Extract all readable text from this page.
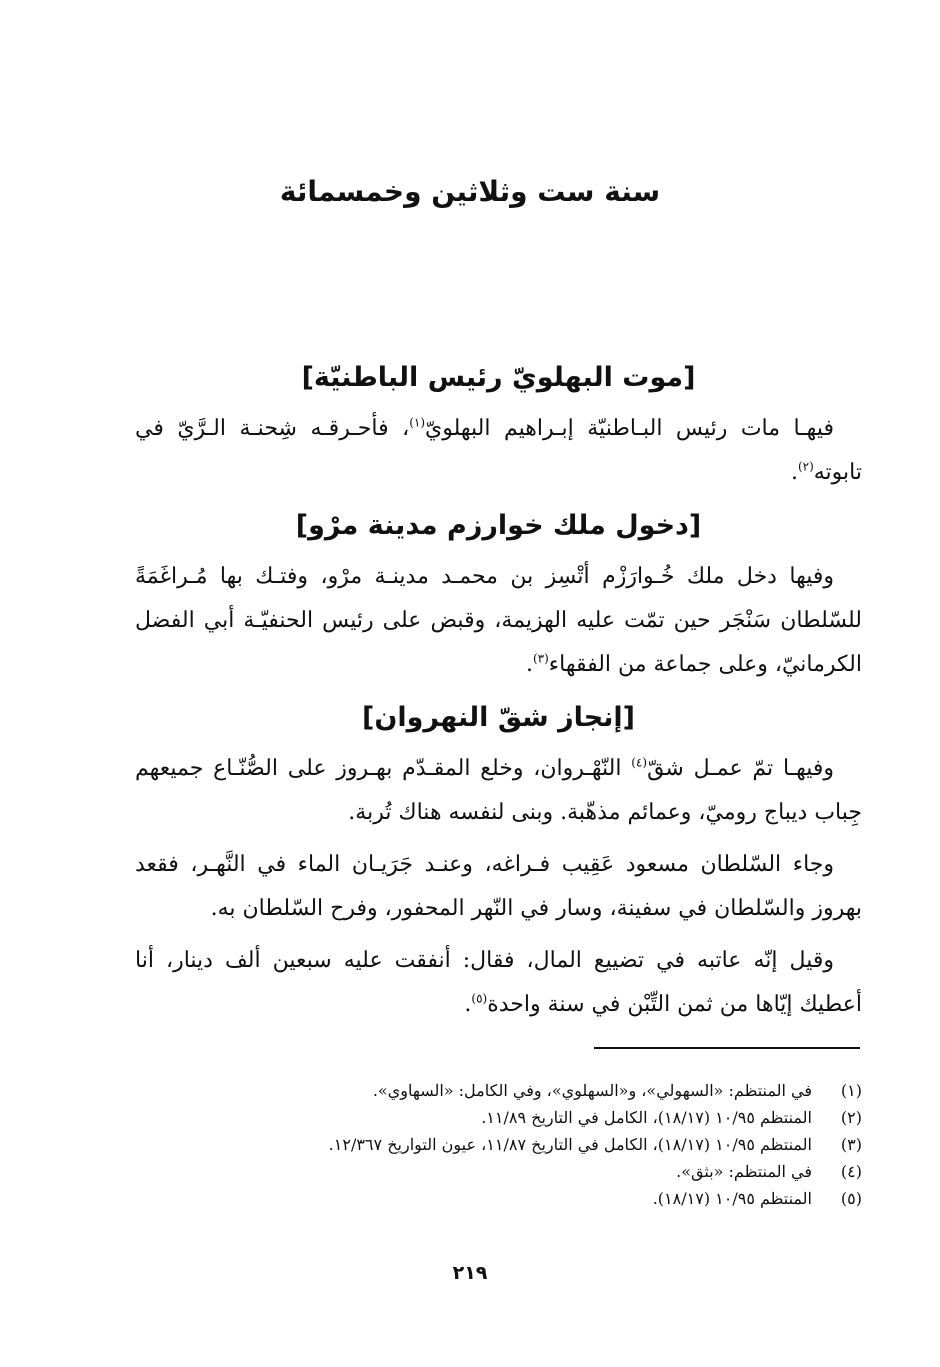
سنة ست وثلاثين وخمسمائة
[موت البهلويّ رئيس الباطنيّة]

فيهـا مات رئيس البـاطنيّة إبـراهيم البهلويّ$^{(١)}$، فأحـرقـه شِحنـة الـرَّيّ في تابوته$^{(٢)}$.

[دخول ملك خوارزم مدينة مرْو]

وفيها دخل ملك خُـوارَزْم أتْسِز بن محمـد مدينـة مرْو، وفتـك بها مُـراغَمَةً للسّلطان سَنْجَر حين تمّت عليه الهزيمة، وقبض على رئيس الحنفيّـة أبي الفضل الكرمانيّ، وعلى جماعة من الفقهاء$^{(٣)}$.

[إنجاز شقّ النهروان]

وفيهـا تمّ عمـل شقّ$^{(٤)}$ النّهْـروان، وخلع المقـدّم بهـروز على الصُّنّـاع جميعهم جِباب ديباج روميّ، وعمائم مذهّبة. وبنى لنفسه هناك تُربة.

وجاء السّلطان مسعود عَقِيب فـراغه، وعنـد جَرَيـان الماء في النَّهـر، فقعد بهروز والسّلطان في سفينة، وسار في النّهر المحفور، وفرح السّلطان به.

وقيل إنّه عاتبه في تضييع المال، فقال: أنفقت عليه سبعين ألف دينار، أنا أعطيك إيّاها من ثمن التِّبْن في سنة واحدة$^{(٥)}$.

(١)في المنتظم: «السهولي»، و«السهلوي»، وفي الكامل: «السهاوي».
(٢)المنتظم ١٠/٩٥ (١٨/١٧)، الكامل في التاريخ ١١/٨٩.
(٣)المنتظم ١٠/٩٥ (١٨/١٧)، الكامل في التاريخ ١١/٨٧، عيون التواريخ ١٢/٣٦٧.
(٤)في المنتظم: «بثق».
(٥)المنتظم ١٠/٩٥ (١٨/١٧).
٢١٩
